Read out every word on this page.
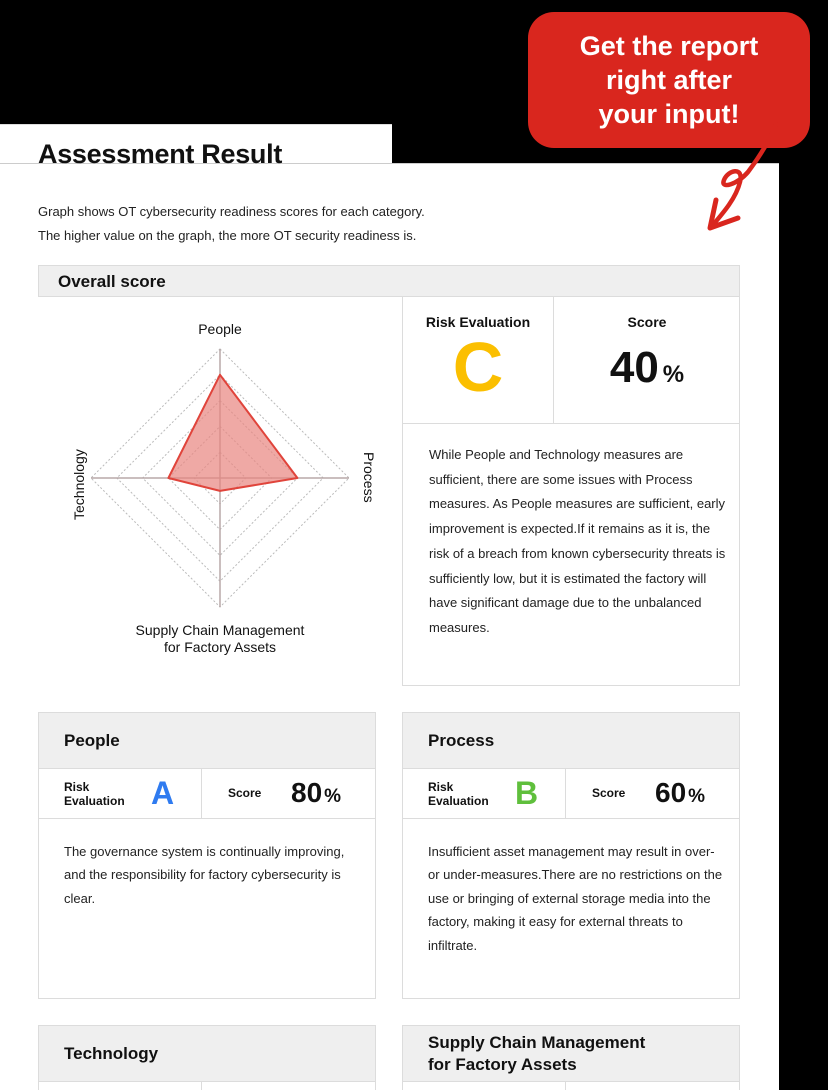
Assessment Result
Graph shows OT cybersecurity readiness scores for each category.
The higher value on the graph, the more OT security readiness is.
Overall score
People
Process
Technology
Supply Chain Management
for Factory Assets
Risk Evaluation
C
Score
40 %
While People and Technology measures are sufficient, there are some issues with Process measures. As People measures are sufficient, early improvement is expected.If it remains as it is, the risk of a breach from known cybersecurity threats is sufficiently low, but it is estimated the factory will have significant damage due to the unbalanced measures.
People
Risk
Evaluation A	Score 80 %
The governance system is continually improving, and the responsibility for factory cybersecurity is clear.
Process
Risk
Evaluation B	Score 60 %
Insufficient asset management may result in over- or under-measures.There are no restrictions on the use or bringing of external storage media into the factory, making it easy for external threats to infiltrate.
Technology
Supply Chain Management
for Factory Assets
Get the report
right after
your input!
